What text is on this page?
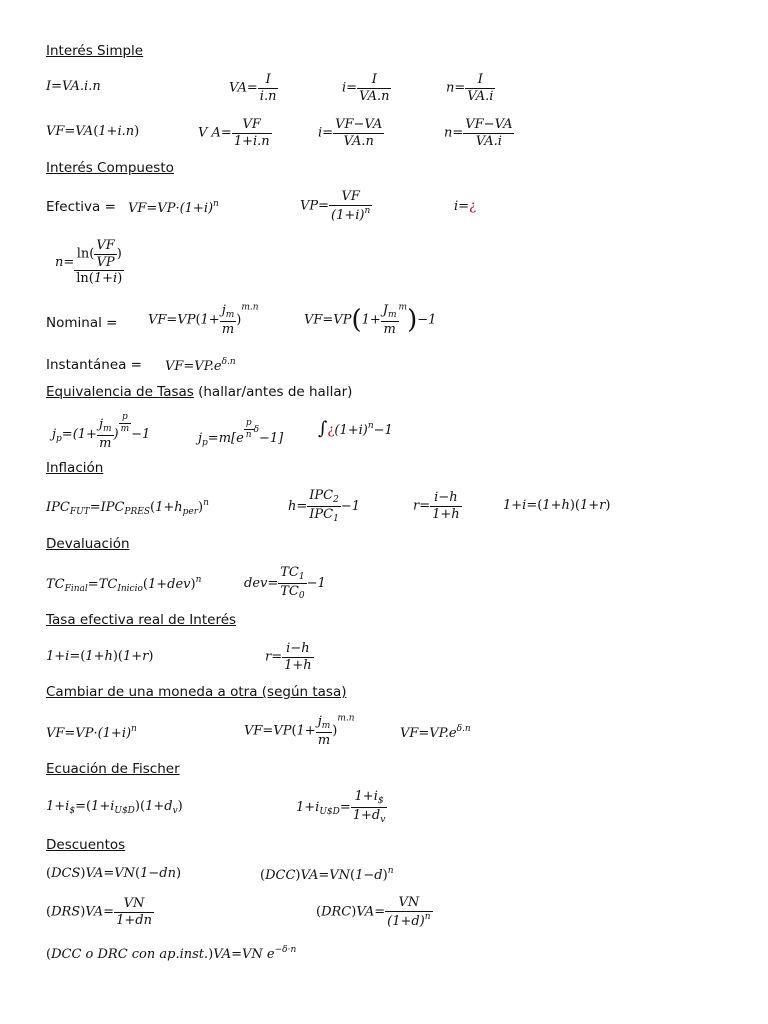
Interés Simple
I=VA.i.n	$VA= \frac{I}{i.n}$	$i= \frac{I}{VA.n}$	$n= \frac{I}{VA.i}$
VF=VA(1+i.n)	V $A= \frac{VF}{1+i.n}$	$i= \frac{VF-VA}{VA.n}$	$n= \frac{VF-VA}{VA.i}$
Interés Compuesto
Efectiva = $VF=VP\cdot(1+i)^n$	$VP= \frac{VF}{(1+i)^n}$	i=¿
$n= \frac{\ln( \frac{VF}{VP} )}{\ln(1+i)}$
Nominal = $VF=VP(1+ \frac{j_m}{m} )^{m.n}$
$VF=VP(1+ \frac{J_m}{m} ^m)-1$
Instantánea = $VF=VP.e^{\delta.n}$
Equivalencia de Tasas (hallar/antes de hallar)
$j_p=(1+ \frac{j_m}{m}$ ) $^{\frac{p}{m}}$ −1	$j_p=m[e$ $^{\frac{p}{n} \delta}$−1] $\int¿(1+i)^n-1$
Inflación
$IPC_{FUT}=IPC_{PRES}(1+h_{per})^n$	$h= \frac{IPC_2}{IPC_1} -1$	$r= \frac{i-h}{1+h}$	1+i=(1+h)(1+r)
Devaluación
$TC_{Final}=TC_{Inicio}(1+dev)^n$	$dev= \frac{TC_1}{TC_0} -1$
Tasa efectiva real de Interés
1+i=(1+h)(1+r)	$r= \frac{i-h}{1+h}$
Cambiar de una moneda a otra (según tasa)
$VF=VP\cdot(1+i)^n$	$VF=VP(1+ \frac{j_m}{m} )^{m.n}$
$VF=VP.e^{\delta.n}$
Ecuación de Fischer
$1+i_{\$}=(1+i_{U\$D})(1+d_v)$	$1+i_{U\$D}= \frac{1+i_{\$}}{1+d_v}$
Descuentos
(DCS)VA=VN(1−dn)	$(DCC)VA=VN(1-d)^n$
$(DRS)VA= \frac{VN}{1+dn}$	$(DRC)VA= \frac{VN}{(1+d)^n}$
(DCC o DRC con ap.inst.)VA=VN $e^{-\delta\cdot n}$
